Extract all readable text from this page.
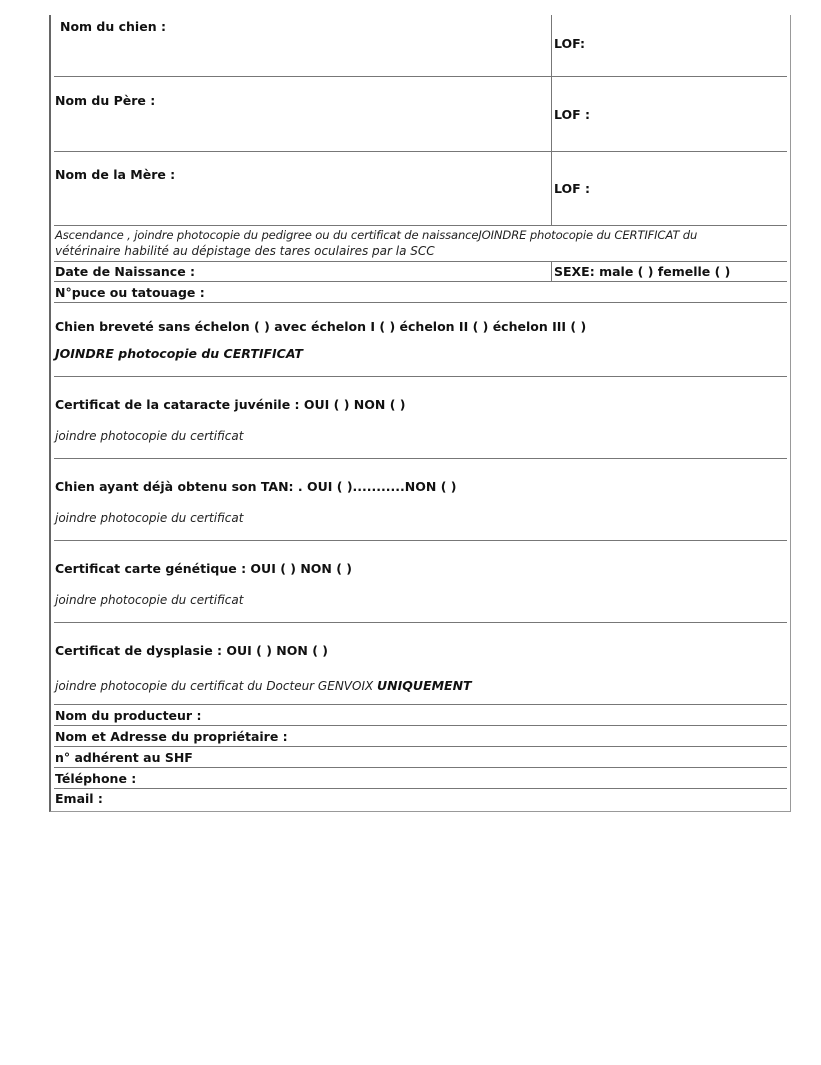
Nom du chien :
LOF:
Nom du Père :
LOF :
Nom de la Mère :
LOF :
Ascendance , joindre photocopie du pedigree ou du certificat de naissanceJOINDRE photocopie du CERTIFICAT du
vétérinaire habilité au dépistage des tares oculaires par la SCC
Date de Naissance :	SEXE: male ( ) femelle ( )
N°puce ou tatouage :
Chien breveté sans échelon ( ) avec échelon I ( ) échelon II ( ) échelon III ( )
JOINDRE photocopie du CERTIFICAT
Certificat de la cataracte juvénile : OUI ( ) NON ( )
joindre photocopie du certificat
Chien ayant déjà obtenu son TAN: . OUI ( )...........NON ( )
joindre photocopie du certificat
Certificat carte génétique : OUI ( ) NON ( )
joindre photocopie du certificat
Certificat de dysplasie : OUI ( ) NON ( )
joindre photocopie du certificat du Docteur GENVOIX UNIQUEMENT
Nom du producteur :
Nom et Adresse du propriétaire :
n° adhérent au SHF
Téléphone :
Email :
